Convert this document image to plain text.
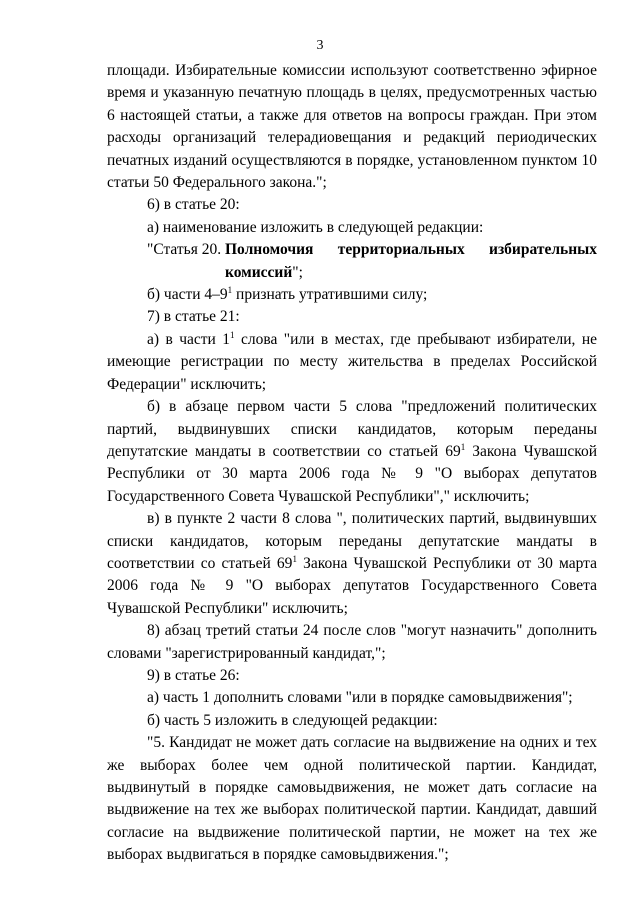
3

площади. Избирательные комиссии используют соответственно эфирное время и указанную печатную площадь в целях, предусмотренных частью 6 настоящей статьи, а также для ответов на вопросы граждан. При этом расходы организаций телерадиовещания и редакций периодических печатных изданий осуществляются в порядке, установленном пунктом 10 статьи 50 Федерального закона.";

6) в статье 20:

а) наименование изложить в следующей редакции:

"Статья 20.
Полномочия территориальных избирательных комиссий";

б) части $4-9^1$ признать утратившими силу;

7) в статье 21:

а) в части $1^1$ слова "или в местах, где пребывают избиратели, не имеющие регистрации по месту жительства в пределах Российской Федерации" исключить;

б) в абзаце первом части 5 слова "предложений политических партий, выдвинувших списки кандидатов, которым переданы депутатские мандаты в соответствии со статьей $69^1$ Закона Чувашской Республики от 30 марта 2006 года № 9 "О выборах депутатов Государственного Совета Чувашской Республики"," исключить;

в) в пункте 2 части 8 слова ", политических партий, выдвинувших списки кандидатов, которым переданы депутатские мандаты в соответствии со статьей $69^1$ Закона Чувашской Республики от 30 марта 2006 года № 9 "О выборах депутатов Государственного Совета Чувашской Республики" исключить;

8) абзац третий статьи 24 после слов "могут назначить" дополнить словами "зарегистрированный кандидат,";

9) в статье 26:

а) часть 1 дополнить словами "или в порядке самовыдвижения";

б) часть 5 изложить в следующей редакции:

"5. Кандидат не может дать согласие на выдвижение на одних и тех же выборах более чем одной политической партии. Кандидат, выдвинутый в порядке самовыдвижения, не может дать согласие на выдвижение на тех же выборах политической партии. Кандидат, давший согласие на выдвижение политической партии, не может на тех же выборах выдвигаться в порядке самовыдвижения.";
